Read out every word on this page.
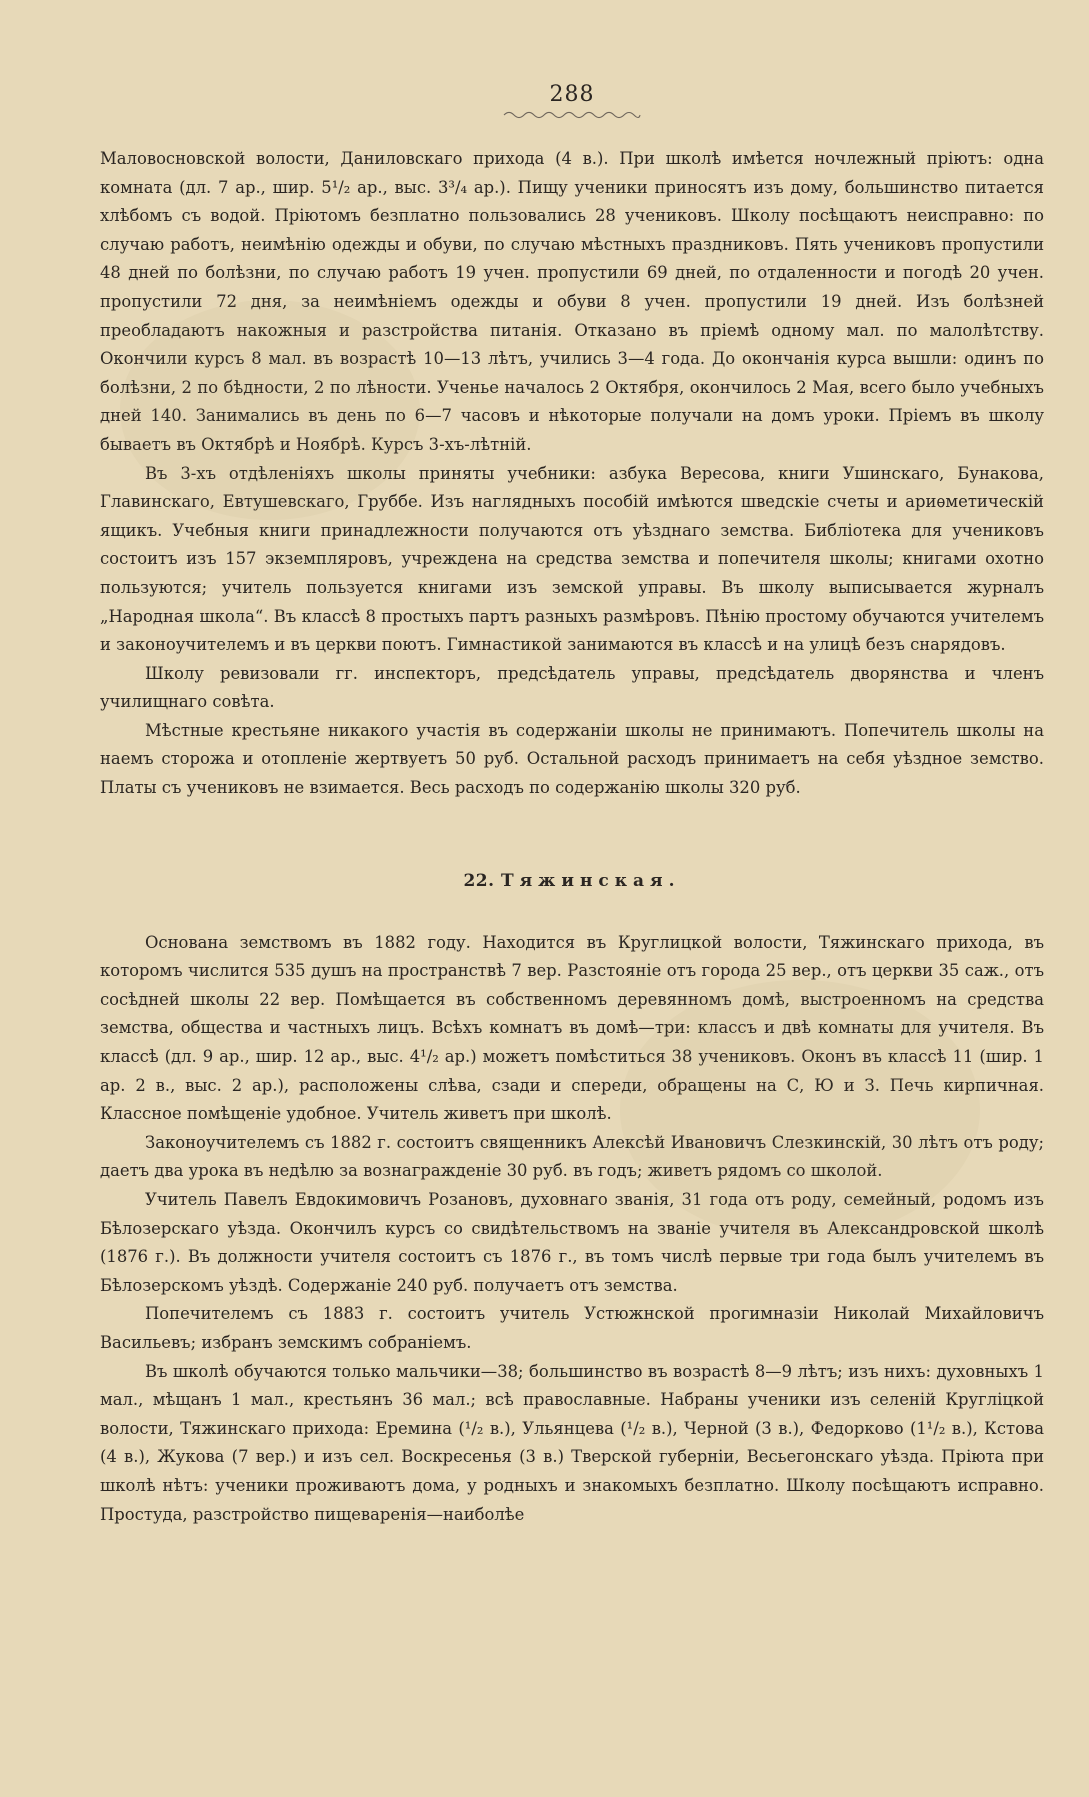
288

Маловосновской волости, Даниловскаго прихода (4 в.). При школѣ имѣется ночлежный пріютъ: одна комната (дл. 7 ар., шир. 5¹/₂ ар., выс. 3³/₄ ар.). Пищу ученики приносятъ изъ дому, большинство питается хлѣбомъ съ водой. Пріютомъ безплатно пользовались 28 учениковъ. Школу посѣщаютъ неисправно: по случаю работъ, неимѣнію одежды и обуви, по случаю мѣстныхъ праздниковъ. Пять учениковъ пропустили 48 дней по болѣзни, по случаю работъ 19 учен. пропустили 69 дней, по отдаленности и погодѣ 20 учен. пропустили 72 дня, за неимѣніемъ одежды и обуви 8 учен. пропустили 19 дней. Изъ болѣзней преобладаютъ накожныя и разстройства питанія. Отказано въ пріемѣ одному мал. по малолѣтству. Окончили курсъ 8 мал. въ возрастѣ 10—13 лѣтъ, учились 3—4 года. До окончанія курса вышли: одинъ по болѣзни, 2 по бѣдности, 2 по лѣности. Ученье началось 2 Октября, окончилось 2 Мая, всего было учебныхъ дней 140. Занимались въ день по 6—7 часовъ и нѣкоторые получали на домъ уроки. Пріемъ въ школу бываетъ въ Октябрѣ и Ноябрѣ. Курсъ 3-хъ-лѣтній.

Въ 3-хъ отдѣленіяхъ школы приняты учебники: азбука Вересова, книги Ушинскаго, Бунакова, Главинскаго, Евтушевскаго, Груббе. Изъ наглядныхъ пособій имѣются шведскіе счеты и ариѳметическій ящикъ. Учебныя книги принадлежности получаются отъ уѣзднаго земства. Библіотека для учениковъ состоитъ изъ 157 экземпляровъ, учреждена на средства земства и попечителя школы; книгами охотно пользуются; учитель пользуется книгами изъ земской управы. Въ школу выписывается журналъ „Народная школа“. Въ классѣ 8 простыхъ партъ разныхъ размѣровъ. Пѣнію простому обучаются учителемъ и законоучителемъ и въ церкви поютъ. Гимнастикой занимаются въ классѣ и на улицѣ безъ снарядовъ.

Школу ревизовали гг. инспекторъ, предсѣдатель управы, предсѣдатель дворянства и членъ училищнаго совѣта.

Мѣстные крестьяне никакого участія въ содержаніи школы не принимаютъ. Попечитель школы на наемъ сторожа и отопленіе жертвуетъ 50 руб. Остальной расходъ принимаетъ на себя уѣздное земство. Платы съ учениковъ не взимается. Весь расходъ по содержанію школы 320 руб.

22. Тяжинская.

Основана земствомъ въ 1882 году. Находится въ Круглицкой волости, Тяжинскаго прихода, въ которомъ числится 535 душъ на пространствѣ 7 вер. Разстояніе отъ города 25 вер., отъ церкви 35 саж., отъ сосѣдней школы 22 вер. Помѣщается въ собственномъ деревянномъ домѣ, выстроенномъ на средства земства, общества и частныхъ лицъ. Всѣхъ комнатъ въ домѣ—три: классъ и двѣ комнаты для учителя. Въ классѣ (дл. 9 ар., шир. 12 ар., выс. 4¹/₂ ар.) можетъ помѣститься 38 учениковъ. Оконъ въ классѣ 11 (шир. 1 ар. 2 в., выс. 2 ар.), расположены слѣва, сзади и спереди, обращены на С, Ю и З. Печь кирпичная. Классное помѣщеніе удобное. Учитель живетъ при школѣ.

Законоучителемъ съ 1882 г. состоитъ священникъ Алексѣй Ивановичъ Слезкинскій, 30 лѣтъ отъ роду; даетъ два урока въ недѣлю за вознагражденіе 30 руб. въ годъ; живетъ рядомъ со школой.

Учитель Павелъ Евдокимовичъ Розановъ, духовнаго званія, 31 года отъ роду, семейный, родомъ изъ Бѣлозерскаго уѣзда. Окончилъ курсъ со свидѣтельствомъ на званіе учителя въ Александровской школѣ (1876 г.). Въ должности учителя состоитъ съ 1876 г., въ томъ числѣ первые три года былъ учителемъ въ Бѣлозерскомъ уѣздѣ. Содержаніе 240 руб. получаетъ отъ земства.

Попечителемъ съ 1883 г. состоитъ учитель Устюжнской прогимназіи Николай Михайловичъ Васильевъ; избранъ земскимъ собраніемъ.

Въ школѣ обучаются только мальчики—38; большинство въ возрастѣ 8—9 лѣтъ; изъ нихъ: духовныхъ 1 мал., мѣщанъ 1 мал., крестьянъ 36 мал.; всѣ православные. Набраны ученики изъ селеній Кругліцкой волости, Тяжинскаго прихода: Еремина (¹/₂ в.), Ульянцева (¹/₂ в.), Черной (3 в.), Федорково (1¹/₂ в.), Кстова (4 в.), Жукова (7 вер.) и изъ сел. Воскресенья (3 в.) Тверской губерніи, Весьегонскаго уѣзда. Пріюта при школѣ нѣтъ: ученики проживаютъ дома, у родныхъ и знакомыхъ безплатно. Школу посѣщаютъ исправно. Простуда, разстройство пищеваренія—наиболѣе
